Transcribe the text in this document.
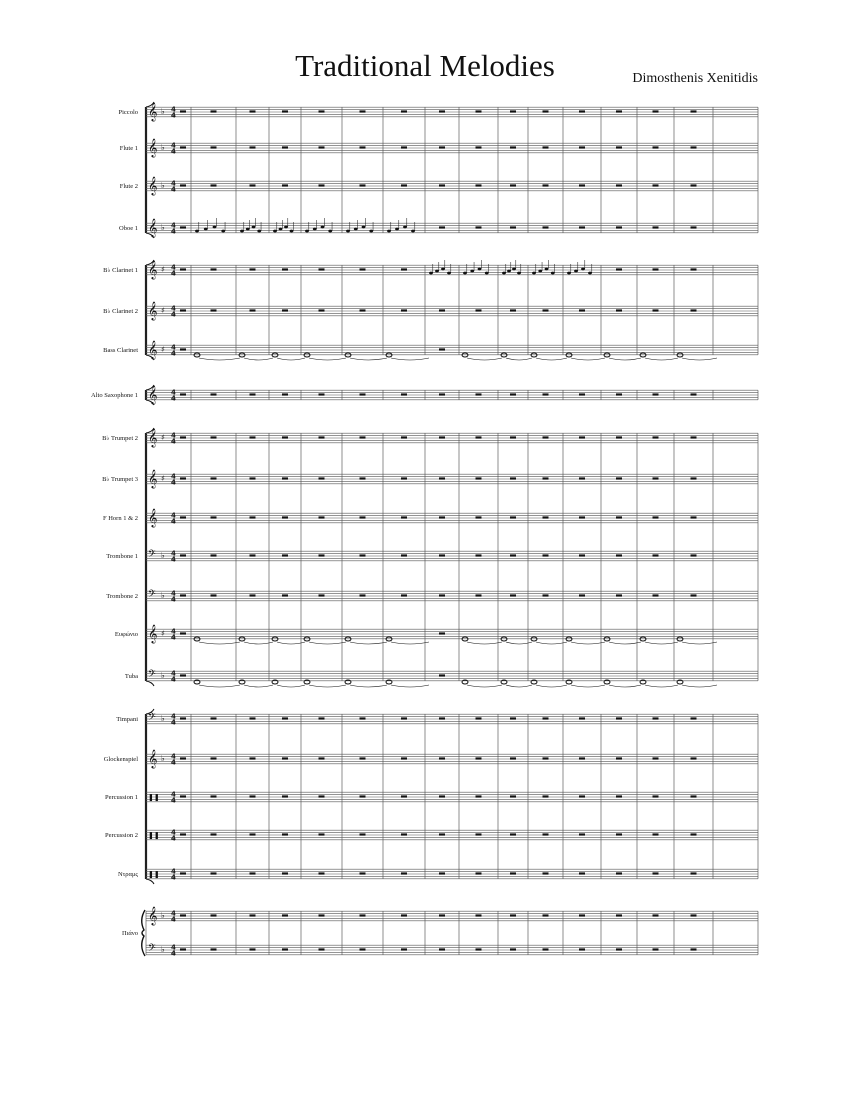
Traditional Melodies	Dimosthenis Xenitidis
𝄞 ♭ 4
4
𝄞 ♭ 4
4
𝄞 ♭ 4
4
𝄞 ♭ 4
4
𝄞 ♯ 4
4
𝄞 ♯ 4
4
𝄞 ♯ 4
4
𝄞 4
4
𝄞 ♯ 4
4
𝄞 ♯ 4
4
𝄞 4
4
𝄢 ♭ 4
4
𝄢 ♭ 4
4
𝄞 ♯ 4
4
𝄢 ♭ 4
4
𝄢 ♭ 4
4
𝄞 ♭ 4
4
❚❚ 4
4
❚❚ 4
4
❚❚ 4
4
𝄞 ♭ 4
4
𝄢 ♭ 4
4
Piccolo
Flute 1
Flute 2
Oboe 1
B♭ Clarinet 1
B♭ Clarinet 2
Bass Clarinet
Alto Saxophone 1
B♭ Trumpet 2
B♭ Trumpet 3
F Horn 1 & 2
Trombone 1
Trombone 2
Ευφώνιο
Tuba
Timpani
Glockenspiel
Percussion 1
Percussion 2
Ντραμς
Πιάνο
